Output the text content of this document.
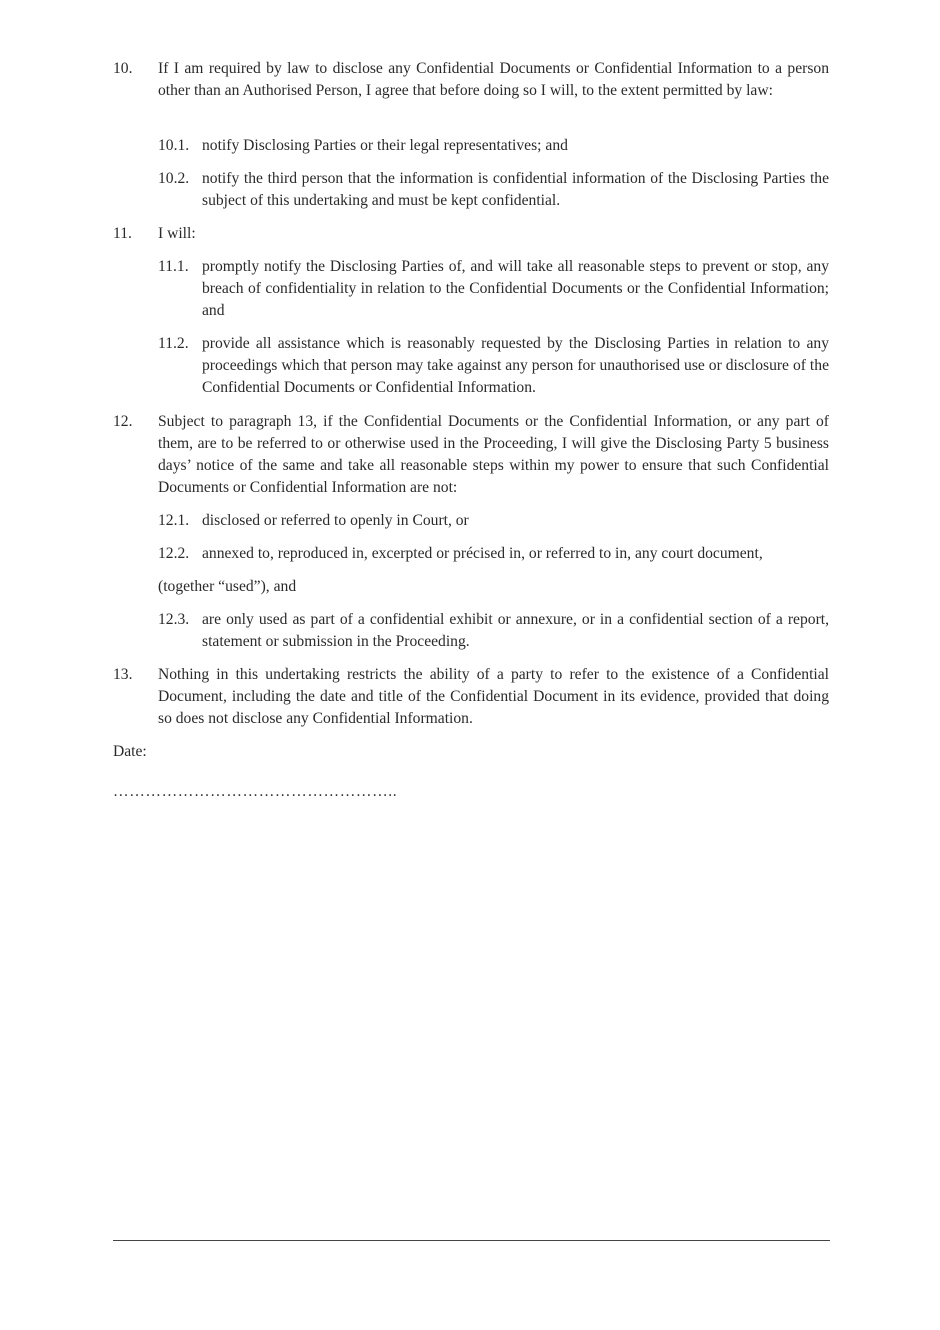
10.	If I am required by law to disclose any Confidential Documents or Confidential Information to a person other than an Authorised Person, I agree that before doing so I will, to the extent permitted by law:
10.1. notify Disclosing Parties or their legal representatives; and
10.2. notify the third person that the information is confidential information of the Disclosing Parties the subject of this undertaking and must be kept confidential.
11.	I will:
11.1. promptly notify the Disclosing Parties of, and will take all reasonable steps to prevent or stop, any breach of confidentiality in relation to the Confidential Documents or the Confidential Information; and
11.2. provide all assistance which is reasonably requested by the Disclosing Parties in relation to any proceedings which that person may take against any person for unauthorised use or disclosure of the Confidential Documents or Confidential Information.
12.	Subject to paragraph 13, if the Confidential Documents or the Confidential Information, or any part of them, are to be referred to or otherwise used in the Proceeding, I will give the Disclosing Party 5 business days’ notice of the same and take all reasonable steps within my power to ensure that such Confidential Documents or Confidential Information are not:
12.1. disclosed or referred to openly in Court, or
12.2. annexed to, reproduced in, excerpted or précised in, or referred to in, any court document,
(together “used”), and
12.3. are only used as part of a confidential exhibit or annexure, or in a confidential section of a report, statement or submission in the Proceeding.
13.	Nothing in this undertaking restricts the ability of a party to refer to the existence of a Confidential Document, including the date and title of the Confidential Document in its evidence, provided that doing so does not disclose any Confidential Information.
Date:
……………………………………………..
